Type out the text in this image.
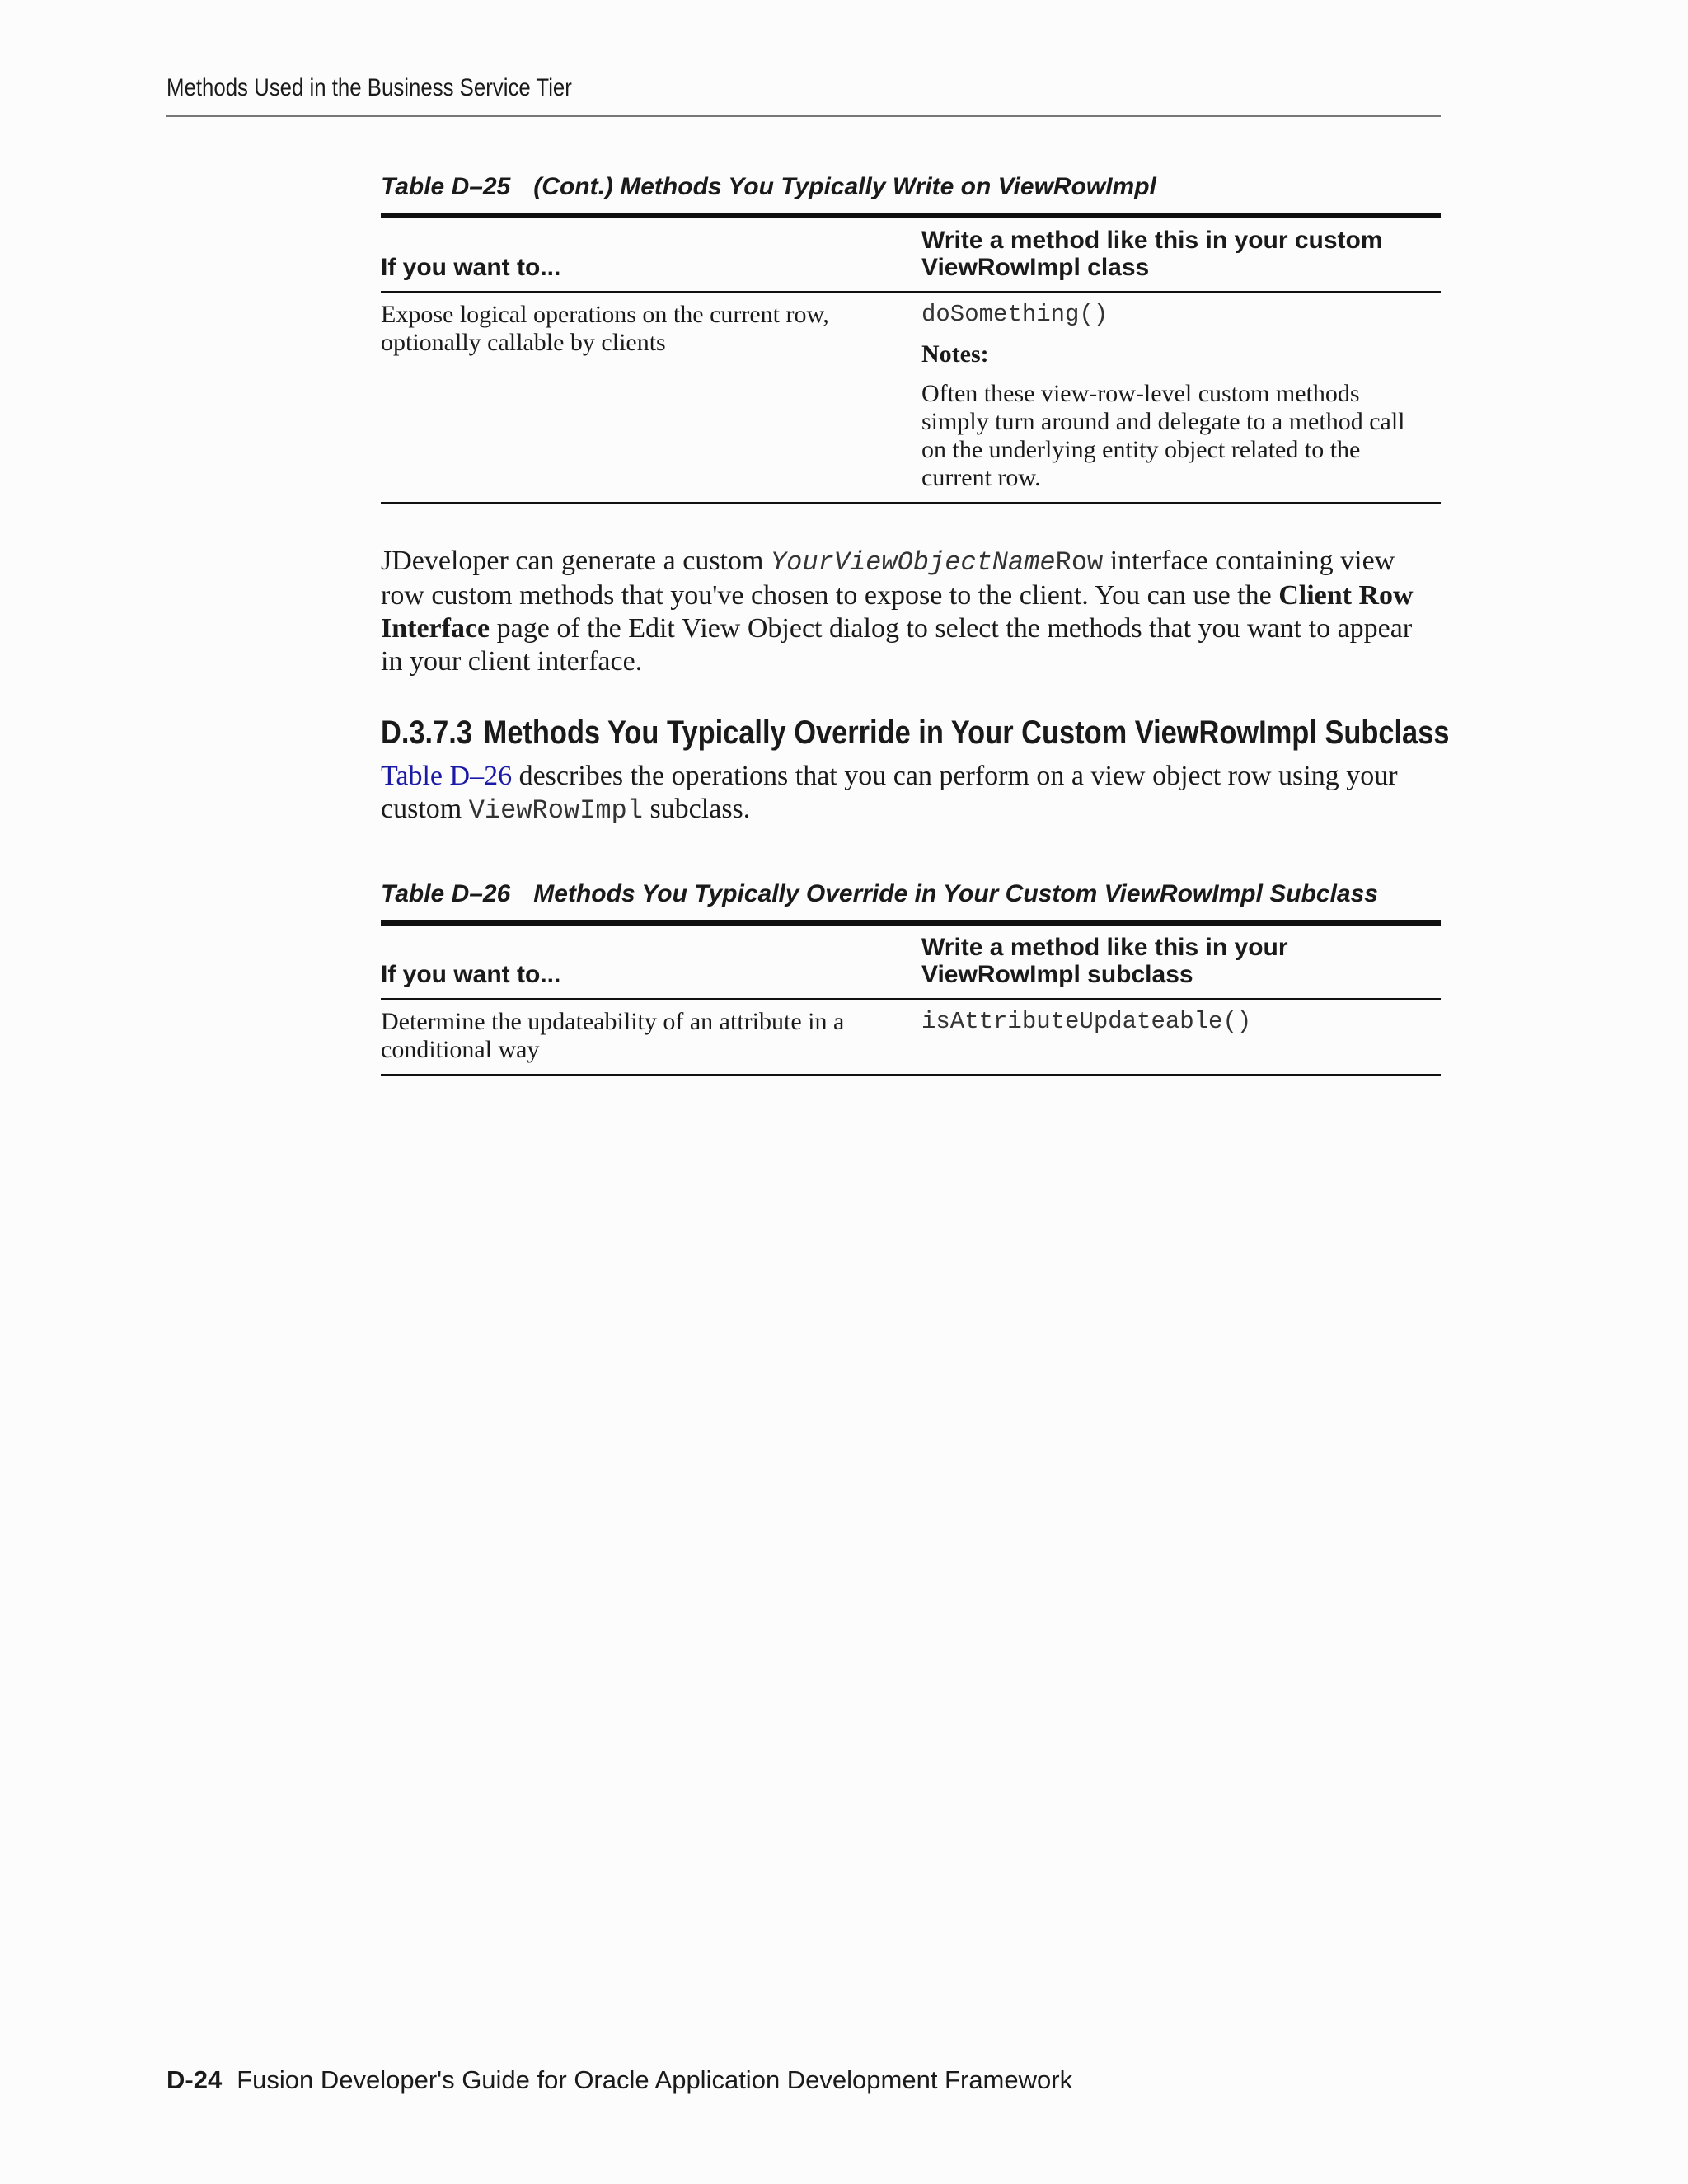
Methods Used in the Business Service Tier

Table D–25 (Cont.) Methods You Typically Write on ViewRowImpl

If you want to...	Write a method like this in your custom ViewRowImpl class
Expose logical operations on the current row, optionally callable by clients	doSomething()
Notes:
Often these view-row-level custom methods simply turn around and delegate to a method call on the underlying entity object related to the current row.

JDeveloper can generate a custom YourViewObjectNameRow interface containing view row custom methods that you've chosen to expose to the client. You can use the Client Row Interface page of the Edit View Object dialog to select the methods that you want to appear in your client interface.

D.3.7.3 Methods You Typically Override in Your Custom ViewRowImpl Subclass

Table D–26 describes the operations that you can perform on a view object row using your custom ViewRowImpl subclass.

Table D–26 Methods You Typically Override in Your Custom ViewRowImpl Subclass

If you want to...	Write a method like this in your ViewRowImpl subclass
Determine the updateability of an attribute in a conditional way	isAttributeUpdateable()
D-24 Fusion Developer's Guide for Oracle Application Development Framework
